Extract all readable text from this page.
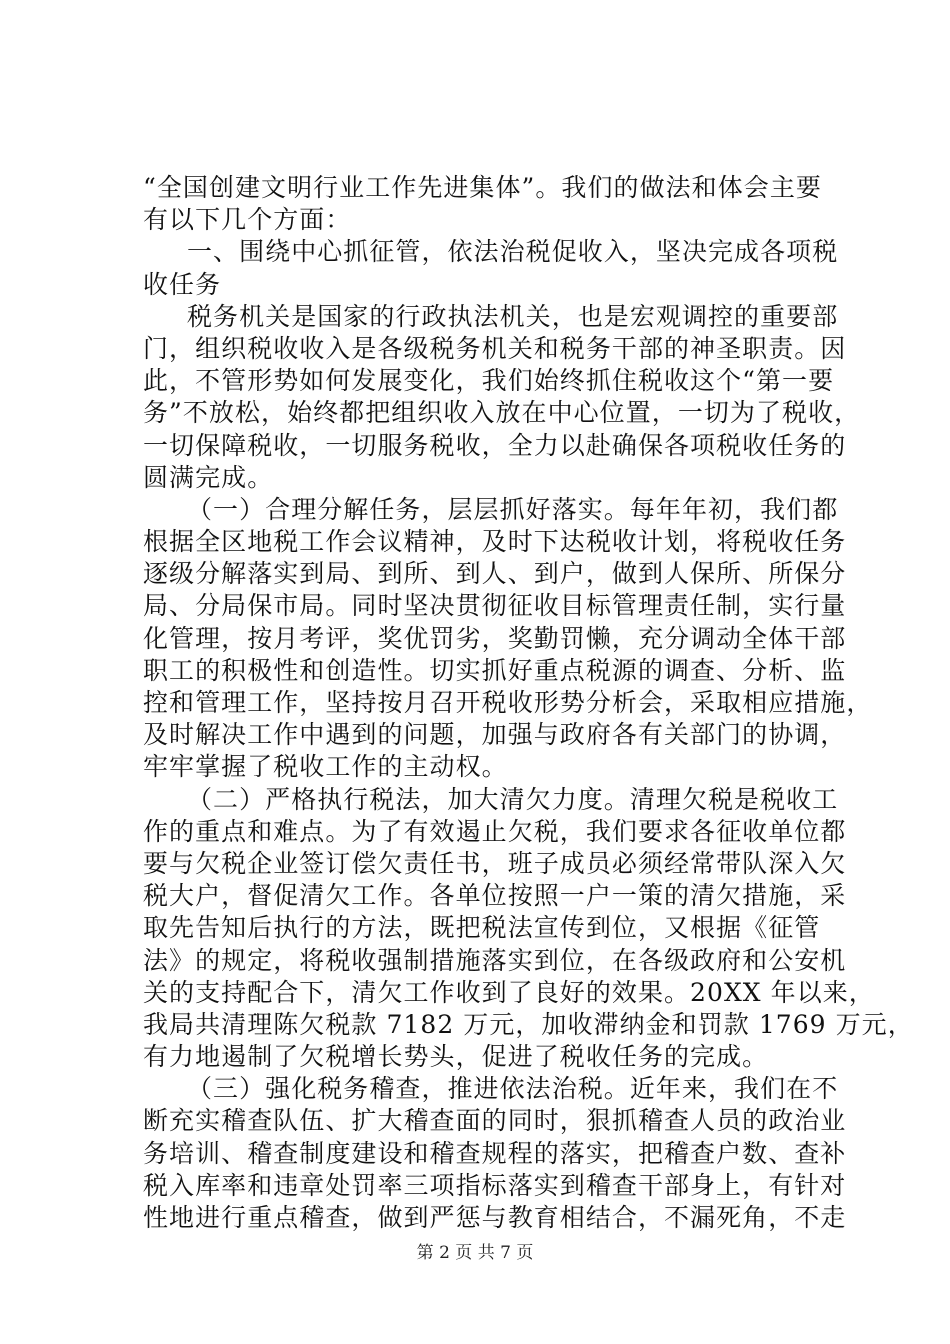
“全国创建文明行业工作先进集体”。我们的做法和体会主要
有以下几个方面：
一、围绕中心抓征管，依法治税促收入，坚决完成各项税
收任务
税务机关是国家的行政执法机关，也是宏观调控的重要部
门，组织税收收入是各级税务机关和税务干部的神圣职责。因
此，不管形势如何发展变化，我们始终抓住税收这个“第一要
务”不放松，始终都把组织收入放在中心位置，一切为了税收，
一切保障税收，一切服务税收，全力以赴确保各项税收任务的
圆满完成。
（一）合理分解任务，层层抓好落实。每年年初，我们都
根据全区地税工作会议精神，及时下达税收计划，将税收任务
逐级分解落实到局、到所、到人、到户，做到人保所、所保分
局、分局保市局。同时坚决贯彻征收目标管理责任制，实行量
化管理，按月考评，奖优罚劣，奖勤罚懒，充分调动全体干部
职工的积极性和创造性。切实抓好重点税源的调查、分析、监
控和管理工作，坚持按月召开税收形势分析会，采取相应措施，
及时解决工作中遇到的问题，加强与政府各有关部门的协调，
牢牢掌握了税收工作的主动权。
（二）严格执行税法，加大清欠力度。清理欠税是税收工
作的重点和难点。为了有效遏止欠税，我们要求各征收单位都
要与欠税企业签订偿欠责任书，班子成员必须经常带队深入欠
税大户，督促清欠工作。各单位按照一户一策的清欠措施，采
取先告知后执行的方法，既把税法宣传到位，又根据《征管
法》的规定，将税收强制措施落实到位，在各级政府和公安机
关的支持配合下，清欠工作收到了良好的效果。20XX 年以来，
我局共清理陈欠税款 7182 万元，加收滞纳金和罚款 1769 万元，
有力地遏制了欠税增长势头，促进了税收任务的完成。
（三）强化税务稽查，推进依法治税。近年来，我们在不
断充实稽查队伍、扩大稽查面的同时，狠抓稽查人员的政治业
务培训、稽查制度建设和稽查规程的落实，把稽查户数、查补
税入库率和违章处罚率三项指标落实到稽查干部身上，有针对
性地进行重点稽查，做到严惩与教育相结合，不漏死角，不走
第 2 页 共 7 页
